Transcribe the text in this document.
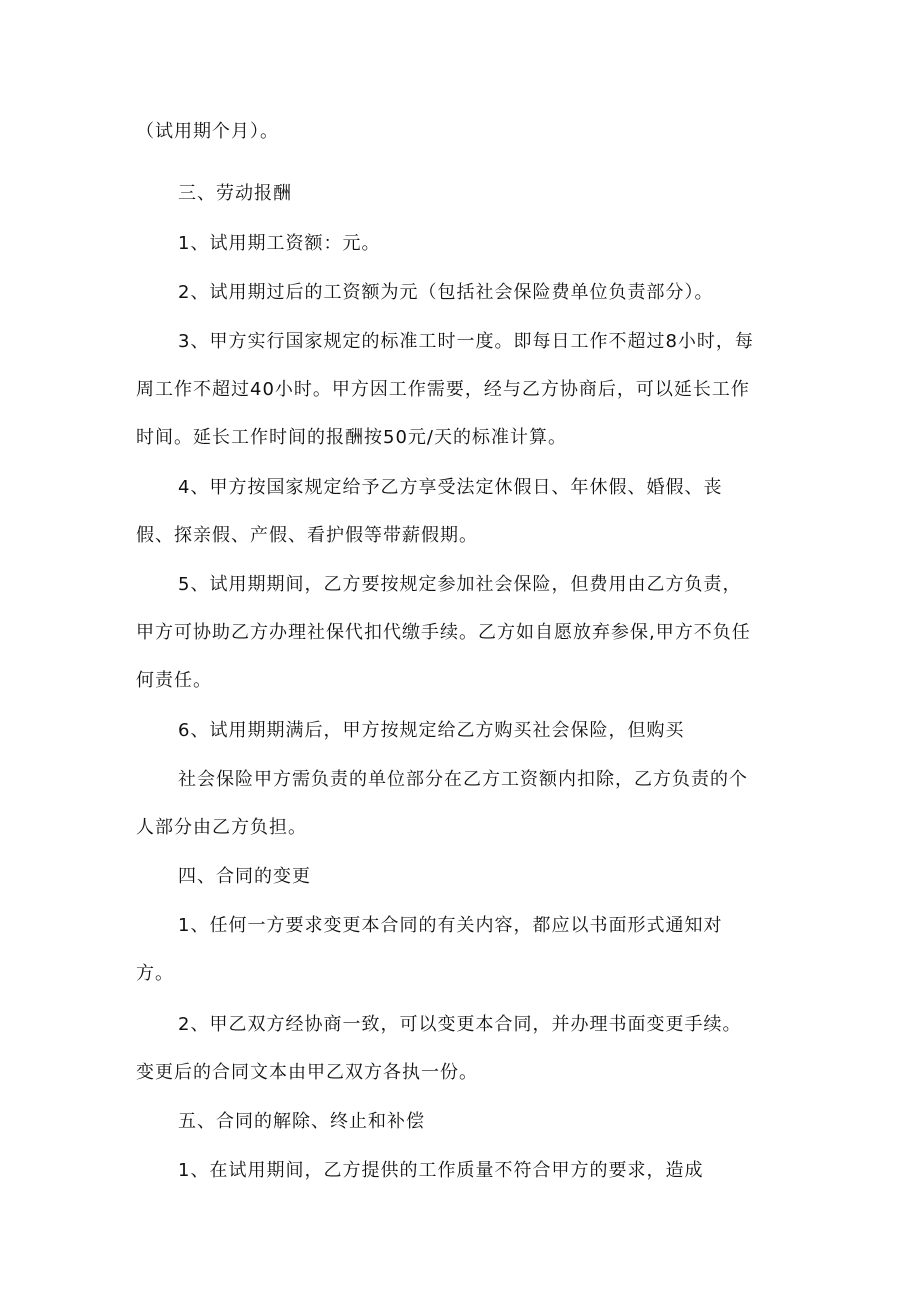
（试用期个月）。
三、劳动报酬
1、试用期工资额：元。
2、试用期过后的工资额为元（包括社会保险费单位负责部分）。
3、甲方实行国家规定的标准工时一度。即每日工作不超过8小时，每
周工作不超过40小时。甲方因工作需要，经与乙方协商后，可以延长工作
时间。延长工作时间的报酬按50元/天的标准计算。
4、甲方按国家规定给予乙方享受法定休假日、年休假、婚假、丧
假、探亲假、产假、看护假等带薪假期。
5、试用期期间，乙方要按规定参加社会保险，但费用由乙方负责，
甲方可协助乙方办理社保代扣代缴手续。乙方如自愿放弃参保,甲方不负任
何责任。
6、试用期期满后，甲方按规定给乙方购买社会保险，但购买
社会保险甲方需负责的单位部分在乙方工资额内扣除，乙方负责的个
人部分由乙方负担。
四、合同的变更
1、任何一方要求变更本合同的有关内容，都应以书面形式通知对
方。
2、甲乙双方经协商一致，可以变更本合同，并办理书面变更手续。
变更后的合同文本由甲乙双方各执一份。
五、合同的解除、终止和补偿
1、在试用期间，乙方提供的工作质量不符合甲方的要求，造成
